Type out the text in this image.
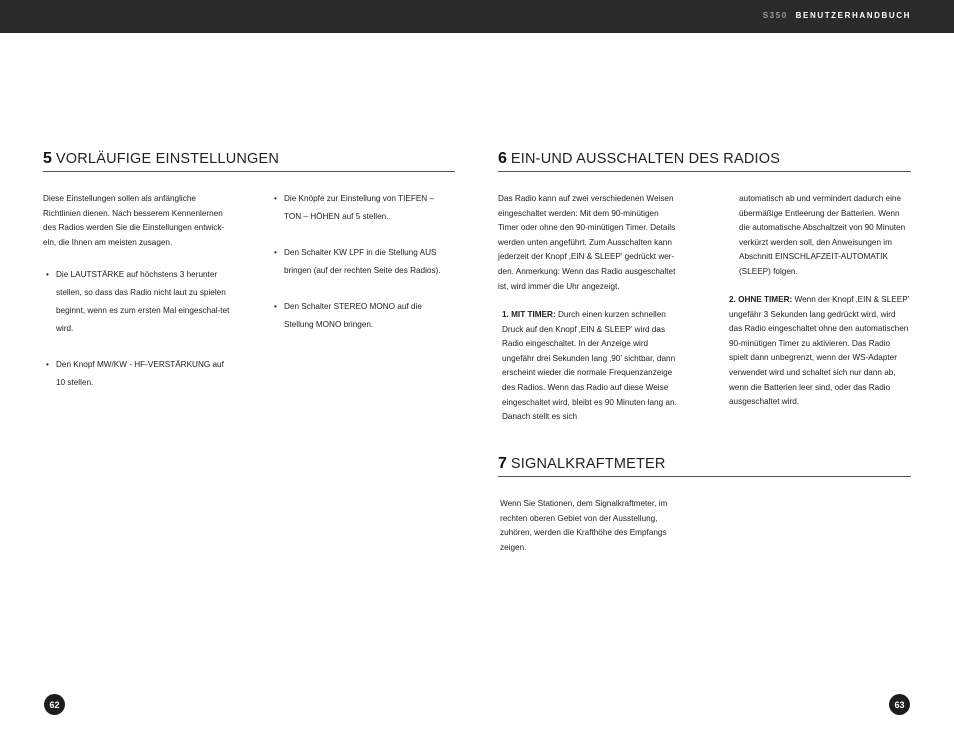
S350 BENUTZERHANDBUCH
5 VORLÄUFIGE EINSTELLUNGEN
Diese Einstellungen sollen als anfängliche Richtlinien dienen. Nach besserem Kennenlernen des Radios werden Sie die Einstellungen entwick-eln, die Ihnen am meisten zusagen.
• Die LAUTSTÄRKE auf höchstens 3 herunter stellen, so dass das Radio nicht laut zu spielen beginnt, wenn es zum ersten Mal eingeschal-tet wird.
• Den Knopf MW/KW - HF-VERSTÄRKUNG auf 10 stellen.
• Die Knöpfe zur Einstellung von TIEFEN – TON – HÖHEN auf 5 stellen.
• Den Schalter KW LPF in die Stellung AUS bringen (auf der rechten Seite des Radios).
• Den Schalter STEREO MONO auf die Stellung MONO bringen.
6 EIN-UND AUSSCHALTEN DES RADIOS
Das Radio kann auf zwei verschiedenen Weisen eingeschaltet werden: Mit dem 90-minütigen Timer oder ohne den 90-minütigen Timer. Details werden unten angeführt. Zum Ausschalten kann jederzeit der Knopf ‚EIN & SLEEP’ gedrückt wer-den. Anmerkung: Wenn das Radio ausgeschaltet ist, wird immer die Uhr angezeigt.
1. MIT TIMER: Durch einen kurzen schnellen Druck auf den Knopf ‚EIN & SLEEP’ wird das Radio eingeschaltet. In der Anzeige wird ungefähr drei Sekunden lang ‚90’ sichtbar, dann erscheint wieder die normale Frequenzanzeige des Radios. Wenn das Radio auf diese Weise eingeschaltet wird, bleibt es 90 Minuten lang an. Danach stellt es sich
automatisch ab und vermindert dadurch eine übermäßige Entleerung der Batterien. Wenn die automatische Abschaltzeit von 90 Minuten verkürzt werden soll, den Anweisungen im Abschnitt EINSCHLAFZEIT-AUTOMATIK (SLEEP) folgen.
2. OHNE TIMER: Wenn der Knopf ‚EIN & SLEEP’ ungefähr 3 Sekunden lang gedrückt wird, wird das Radio eingeschaltet ohne den automatischen 90-minütigen Timer zu aktivieren. Das Radio spielt dann unbegrenzt, wenn der WS-Adapter verwendet wird und schaltet sich nur dann ab, wenn die Batterien leer sind, oder das Radio ausgeschaltet wird.
7 SIGNALKRAFTMETER
Wenn Sie Stationen, dem Signalkraftmeter, im rechten oberen Gebiet von der Ausstellung, zuhören, werden die Krafthöhe des Empfangs zeigen.
62	63
